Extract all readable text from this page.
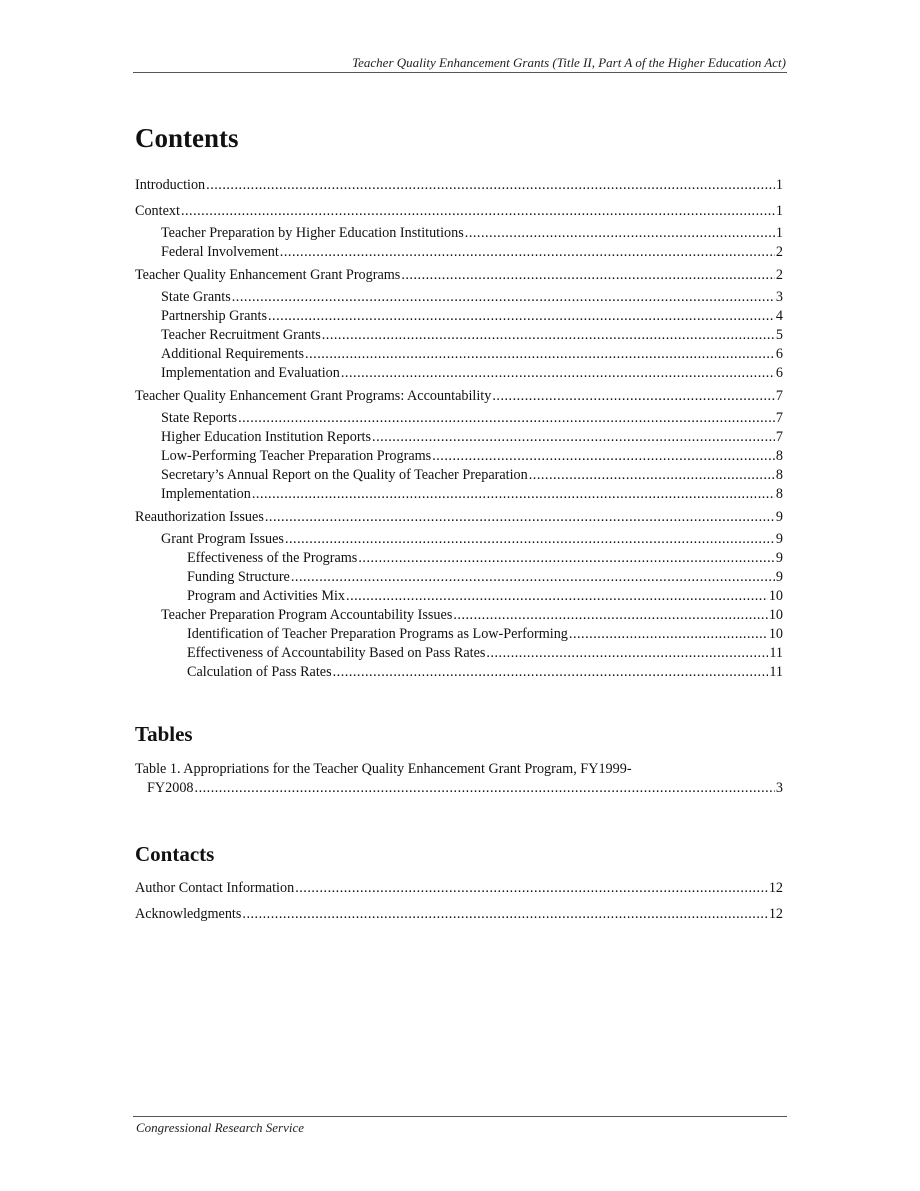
Teacher Quality Enhancement Grants (Title II, Part A of the Higher Education Act)
Contents
Introduction .....	1
Context .....	1
Teacher Preparation by Higher Education Institutions .....	1
Federal Involvement .....	2
Teacher Quality Enhancement Grant Programs .....	2
State Grants .....	3
Partnership Grants .....	4
Teacher Recruitment Grants .....	5
Additional Requirements .....	6
Implementation and Evaluation .....	6
Teacher Quality Enhancement Grant Programs: Accountability .....	7
State Reports .....	7
Higher Education Institution Reports .....	7
Low-Performing Teacher Preparation Programs .....	8
Secretary’s Annual Report on the Quality of Teacher Preparation .....	8
Implementation .....	8
Reauthorization Issues .....	9
Grant Program Issues .....	9
Effectiveness of the Programs .....	9
Funding Structure .....	9
Program and Activities Mix .....	10
Teacher Preparation Program Accountability Issues .....	10
Identification of Teacher Preparation Programs as Low-Performing .....	10
Effectiveness of Accountability Based on Pass Rates .....	11
Calculation of Pass Rates .....	11
Tables
Table 1. Appropriations for the Teacher Quality Enhancement Grant Program, FY1999-
FY2008 .....	3
Contacts
Author Contact Information .....	12
Acknowledgments .....	12
Congressional Research Service
